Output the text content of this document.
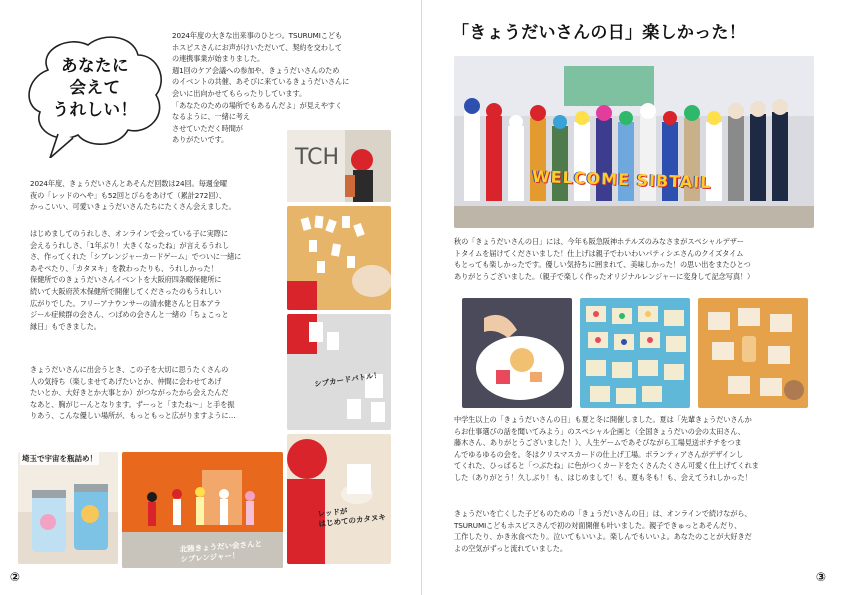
あなたに
会えて
うれしい！
2024年度の大きな出来事のひとつ。TSURUMIこども
ホスピスさんにお声がけいただいて、契約を交わして
の連携事業が始まりました。
週1回のケア会議への参加や、きょうだいさんのため
のイベントの共催、あそびに来ているきょうだいさんに
会いに出向かせてもらったりしています。
「あなたのための場所でもあるんだよ」が見えやすく
なるように、一緒に考え
させていただく時間が
ありがたいです。
2024年度、きょうだいさんとあそんだ回数は24回。毎週金曜
夜の「レッドのへや」も52回とびらをあけて（累計272回）、
かっこいい、可愛いきょうだいさんたちにたくさん会えました。
はじめましてのうれしさ、オンラインで会っている子に実際に
会えるうれしさ、「1年ぶり！大きくなったね」が言えるうれし
さ、作ってくれた「シブレンジャーカードゲーム」でついに一緒に
あそべたり、「カタヌキ」を教わったりも、うれしかった！
保健所でのきょうだいさんイベントを大阪府四条畷保健所に
続いて大阪府茨木保健所で開催してくださったのもうれしい
広がりでした。フリーアナウンサーの清水健さんと日本アラ
ジール症候群の会さん、つばめの会さんと一緒の「ちょこっと
縁日」もできました。
きょうだいさんに出会うとき、この子を大切に思うたくさんの
人の気持ち（楽しませてあげたいとか、仲間に会わせてあげ
たいとか、大好きとか大事とか）がつながったから会えたんだ
なあと、胸がじーんとなります。ずーっと「またね～」と手を振
りあう、こんな優しい場所が、もっともっと広がりますように…
TCH
シブカードバトル！
レッドが
はじめてのカタヌキ
埼玉で宇宙を瓶詰め！
北陸きょうだい会さんと
シブレンジャー！
②
「きょうだいさんの日」楽しかった！
WELCOME SIBTAIL
秋の「きょうだいさんの日」には、今年も阪急阪神ホテルズのみなさまがスペシャルデザー
トタイムを届けてくださいました！仕上げは親子でわいわいパティシエさんのクイズタイム
もとっても楽しかったです。優しい気持ちに囲まれて、美味しかった！の思い出をまたひとつ
ありがとうございました。（親子で楽しく作ったオリジナルレンジャーに変身して記念写真！）
中学生以上の「きょうだいさんの日」も夏と冬に開催しました。夏は「先輩きょうだいさんか
らお仕事選びの話を聞いてみよう」のスペシャル企画と（全国きょうだいの会の太田さん、
藤木さん、ありがとうございました！）、人生ゲームであそびながら工場見送ポチチをつま
んでゆるゆるの会を。冬はクリスマスカードの仕上げ工場。ボランティアさんがデザインし
てくれた、ひっぱると「つぶたね」に色がつくカードをたくさんたくさん可愛く仕上げてくれま
した（ありがとう！久しぶり！も、はじめまして！も、夏も冬も！も、会えてうれしかった！
きょうだいを亡くした子どものための「きょうだいさんの日」は、オンラインで続けながら、
TSURUMIこどもホスピスさんで初の対面開催も叶いました。親子できゅっとあそんだり、
工作したり、かき氷食べたり。泣いてもいいよ。楽しんでもいいよ。あなたのことが大好きだ
よの空気がずっと流れていました。
③
